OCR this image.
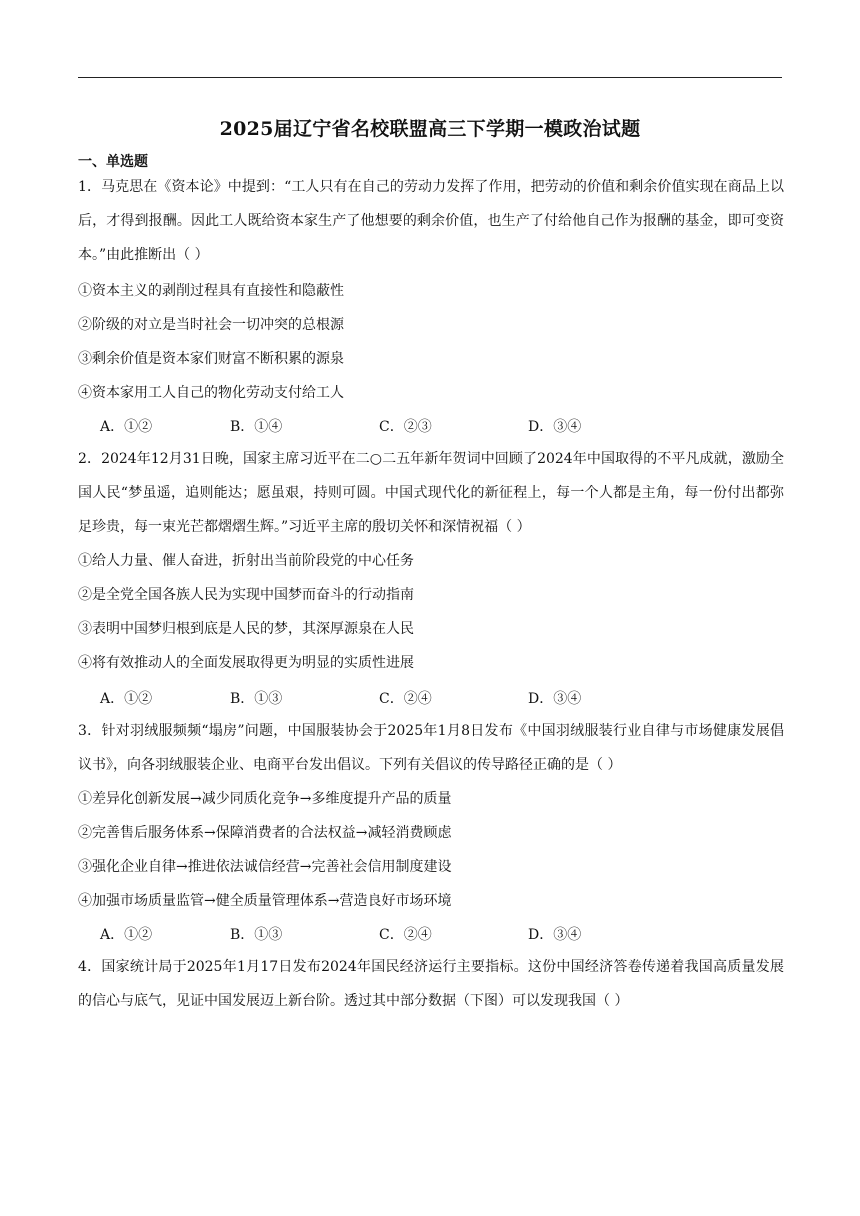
2025届辽宁省名校联盟高三下学期一模政治试题
一、单选题
1．马克思在《资本论》中提到：“工人只有在自己的劳动力发挥了作用，把劳动的价值和剩余价值实现在商品上以后，才得到报酬。因此工人既给资本家生产了他想要的剩余价值，也生产了付给他自己作为报酬的基金，即可变资本。”由此推断出（ ）
①资本主义的剥削过程具有直接性和隐蔽性
②阶级的对立是当时社会一切冲突的总根源
③剩余价值是资本家们财富不断积累的源泉
④资本家用工人自己的物化劳动支付给工人
A．①②	B．①④	C．②③	D．③④
2．2024年12月31日晚，国家主席习近平在二○二五年新年贺词中回顾了2024年中国取得的不平凡成就，激励全国人民“梦虽遥，追则能达；愿虽艰，持则可圆。中国式现代化的新征程上，每一个人都是主角，每一份付出都弥足珍贵，每一束光芒都熠熠生辉。”习近平主席的殷切关怀和深情祝福（ ）
①给人力量、催人奋进，折射出当前阶段党的中心任务
②是全党全国各族人民为实现中国梦而奋斗的行动指南
③表明中国梦归根到底是人民的梦，其深厚源泉在人民
④将有效推动人的全面发展取得更为明显的实质性进展
A．①②	B．①③	C．②④	D．③④
3．针对羽绒服频频“塌房”问题，中国服装协会于2025年1月8日发布《中国羽绒服装行业自律与市场健康发展倡议书》，向各羽绒服装企业、电商平台发出倡议。下列有关倡议的传导路径正确的是（ ）
①差异化创新发展→减少同质化竞争→多维度提升产品的质量
②完善售后服务体系→保障消费者的合法权益→减轻消费顾虑
③强化企业自律→推进依法诚信经营→完善社会信用制度建设
④加强市场质量监管→健全质量管理体系→营造良好市场环境
A．①②	B．①③	C．②④	D．③④
4．国家统计局于2025年1月17日发布2024年国民经济运行主要指标。这份中国经济答卷传递着我国高质量发展的信心与底气，见证中国发展迈上新台阶。透过其中部分数据（下图）可以发现我国（ ）
